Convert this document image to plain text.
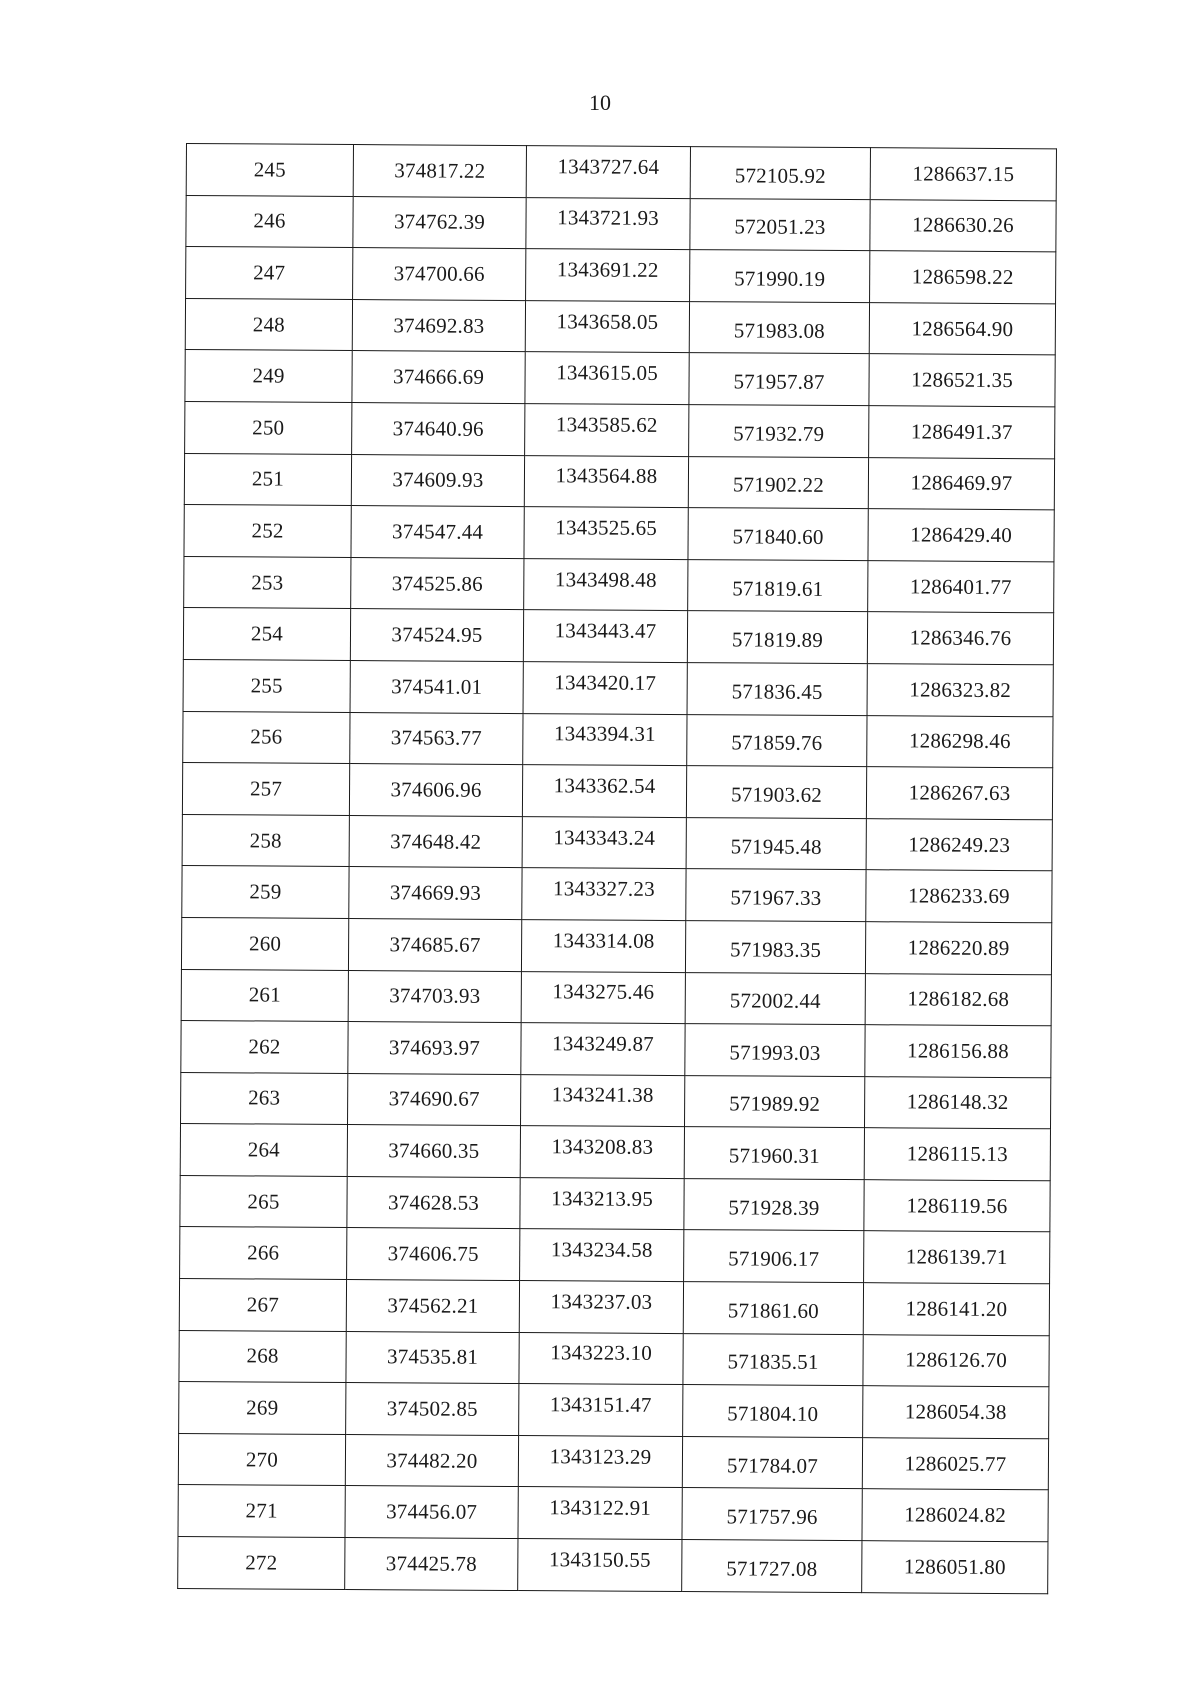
10
245	374817.22	1343727.64	572105.92	1286637.15
246	374762.39	1343721.93	572051.23	1286630.26
247	374700.66	1343691.22	571990.19	1286598.22
248	374692.83	1343658.05	571983.08	1286564.90
249	374666.69	1343615.05	571957.87	1286521.35
250	374640.96	1343585.62	571932.79	1286491.37
251	374609.93	1343564.88	571902.22	1286469.97
252	374547.44	1343525.65	571840.60	1286429.40
253	374525.86	1343498.48	571819.61	1286401.77
254	374524.95	1343443.47	571819.89	1286346.76
255	374541.01	1343420.17	571836.45	1286323.82
256	374563.77	1343394.31	571859.76	1286298.46
257	374606.96	1343362.54	571903.62	1286267.63
258	374648.42	1343343.24	571945.48	1286249.23
259	374669.93	1343327.23	571967.33	1286233.69
260	374685.67	1343314.08	571983.35	1286220.89
261	374703.93	1343275.46	572002.44	1286182.68
262	374693.97	1343249.87	571993.03	1286156.88
263	374690.67	1343241.38	571989.92	1286148.32
264	374660.35	1343208.83	571960.31	1286115.13
265	374628.53	1343213.95	571928.39	1286119.56
266	374606.75	1343234.58	571906.17	1286139.71
267	374562.21	1343237.03	571861.60	1286141.20
268	374535.81	1343223.10	571835.51	1286126.70
269	374502.85	1343151.47	571804.10	1286054.38
270	374482.20	1343123.29	571784.07	1286025.77
271	374456.07	1343122.91	571757.96	1286024.82
272	374425.78	1343150.55	571727.08	1286051.80
